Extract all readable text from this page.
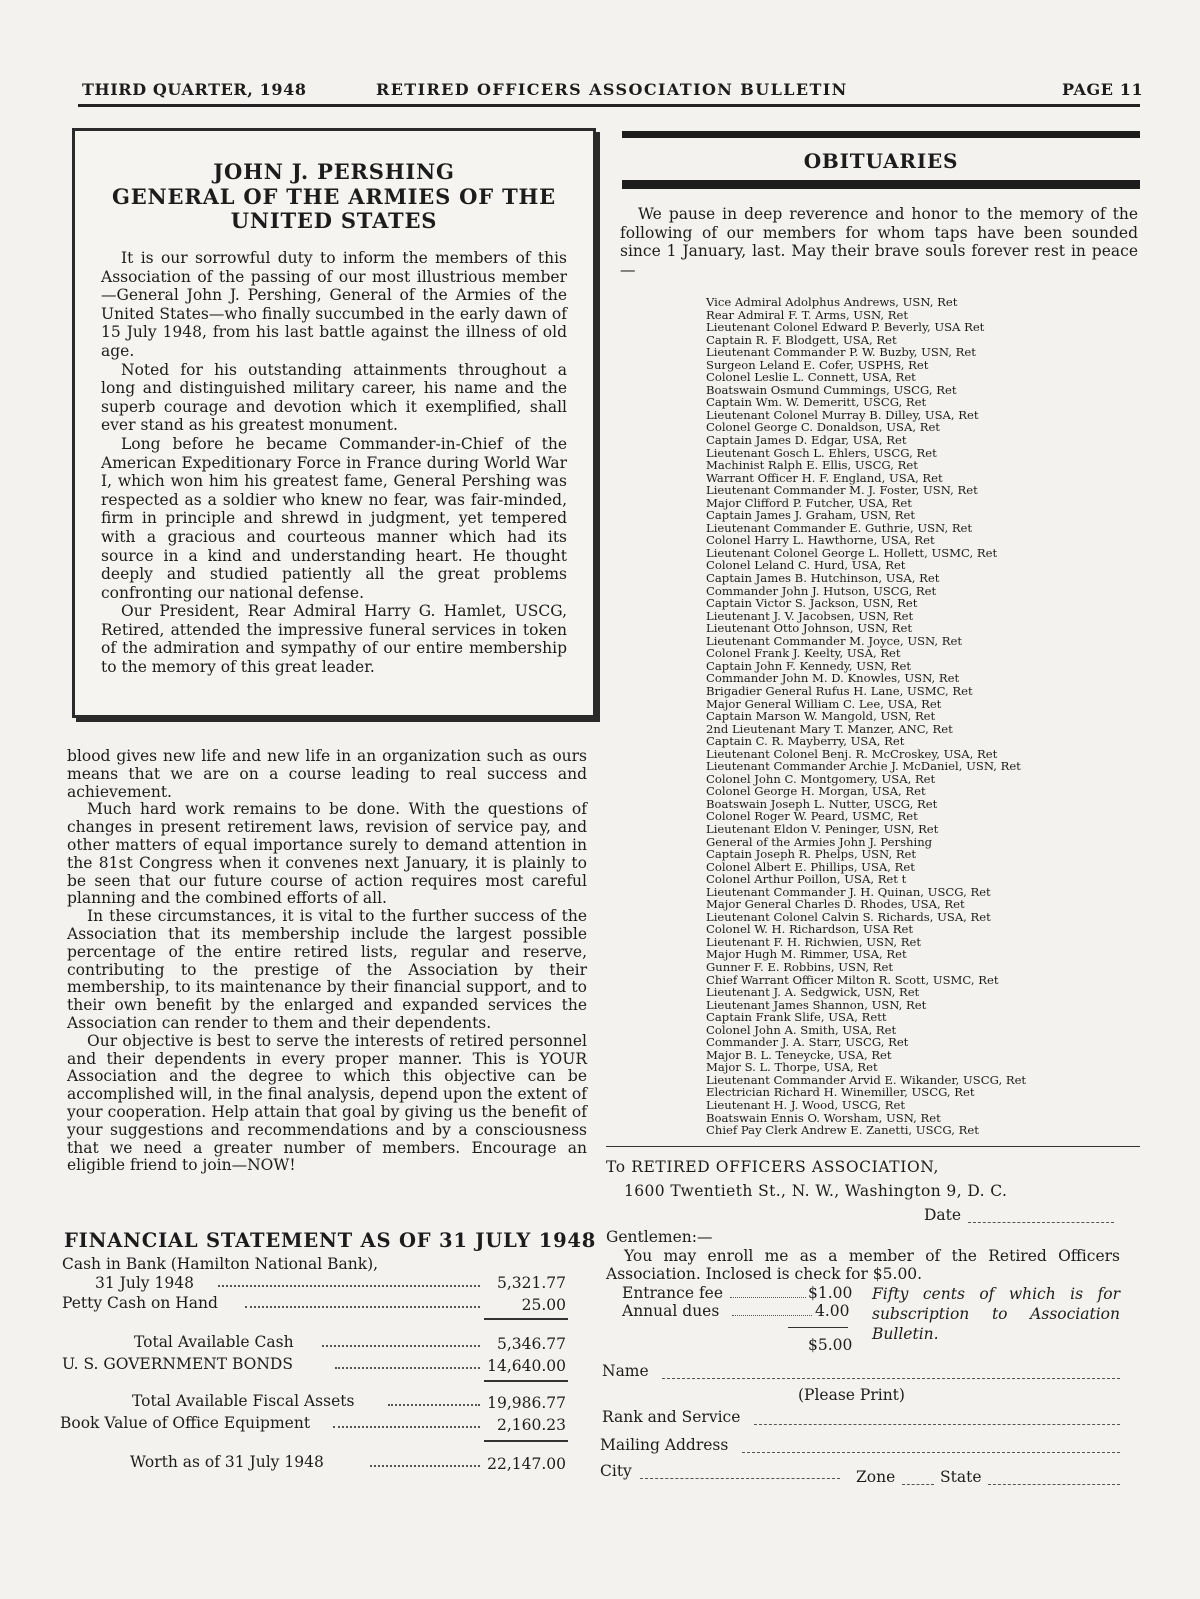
THIRD QUARTER, 1948	RETIRED OFFICERS ASSOCIATION BULLETIN	PAGE 11
JOHN J. PERSHING
GENERAL OF THE ARMIES OF THE
UNITED STATES

It is our sorrowful duty to inform the members of this Association of the passing of our most illustrious member—General John J. Pershing, General of the Armies of the United States—who finally succumbed in the early dawn of 15 July 1948, from his last battle against the illness of old age.

Noted for his outstanding attainments throughout a long and distinguished military career, his name and the superb courage and devotion which it exemplified, shall ever stand as his greatest monument.

Long before he became Commander-in-Chief of the American Expeditionary Force in France during World War I, which won him his greatest fame, General Pershing was respected as a soldier who knew no fear, was fair-minded, firm in principle and shrewd in judgment, yet tempered with a gracious and courteous manner which had its source in a kind and understanding heart. He thought deeply and studied patiently all the great problems confronting our national defense.

Our President, Rear Admiral Harry G. Hamlet, USCG, Retired, attended the impressive funeral services in token of the admiration and sympathy of our entire membership to the memory of this great leader.

blood gives new life and new life in an organization such as ours means that we are on a course leading to real success and achievement.

Much hard work remains to be done. With the questions of changes in present retirement laws, revision of service pay, and other matters of equal importance surely to demand attention in the 81st Congress when it convenes next January, it is plainly to be seen that our future course of action requires most careful planning and the combined efforts of all.

In these circumstances, it is vital to the further success of the Association that its membership include the largest possible percentage of the entire retired lists, regular and reserve, contributing to the prestige of the Association by their membership, to its maintenance by their financial support, and to their own benefit by the enlarged and expanded services the Association can render to them and their dependents.

Our objective is best to serve the interests of retired personnel and their dependents in every proper manner. This is YOUR Association and the degree to which this objective can be accomplished will, in the final analysis, depend upon the extent of your cooperation. Help attain that goal by giving us the benefit of your suggestions and recommendations and by a consciousness that we need a greater number of members. Encourage an eligible friend to join—NOW!

FINANCIAL STATEMENT AS OF 31 JULY 1948
Cash in Bank (Hamilton National Bank),
31 July 1948	5,321.77
Petty Cash on Hand	25.00
Total Available Cash	5,346.77
U. S. GOVERNMENT BONDS	14,640.00
Total Available Fiscal Assets	19,986.77
Book Value of Office Equipment	2,160.23
Worth as of 31 July 1948	22,147.00
OBITUARIES

We pause in deep reverence and honor to the memory of the following of our members for whom taps have been sounded since 1 January, last. May their brave souls forever rest in peace—

Vice Admiral Adolphus Andrews, USN, Ret
Rear Admiral F. T. Arms, USN, Ret
Lieutenant Colonel Edward P. Beverly, USA Ret
Captain R. F. Blodgett, USA, Ret
Lieutenant Commander P. W. Buzby, USN, Ret
Surgeon Leland E. Cofer, USPHS, Ret
Colonel Leslie L. Connett, USA, Ret
Boatswain Osmund Cummings, USCG, Ret
Captain Wm. W. Demeritt, USCG, Ret
Lieutenant Colonel Murray B. Dilley, USA, Ret
Colonel George C. Donaldson, USA, Ret
Captain James D. Edgar, USA, Ret
Lieutenant Gosch L. Ehlers, USCG, Ret
Machinist Ralph E. Ellis, USCG, Ret
Warrant Officer H. F. England, USA, Ret
Lieutenant Commander M. J. Foster, USN, Ret
Major Clifford P. Futcher, USA, Ret
Captain James J. Graham, USN, Ret
Lieutenant Commander E. Guthrie, USN, Ret
Colonel Harry L. Hawthorne, USA, Ret
Lieutenant Colonel George L. Hollett, USMC, Ret
Colonel Leland C. Hurd, USA, Ret
Captain James B. Hutchinson, USA, Ret
Commander John J. Hutson, USCG, Ret
Captain Victor S. Jackson, USN, Ret
Lieutenant J. V. Jacobsen, USN, Ret
Lieutenant Otto Johnson, USN, Ret
Lieutenant Commander M. Joyce, USN, Ret
Colonel Frank J. Keelty, USA, Ret
Captain John F. Kennedy, USN, Ret
Commander John M. D. Knowles, USN, Ret
Brigadier General Rufus H. Lane, USMC, Ret
Major General William C. Lee, USA, Ret
Captain Marson W. Mangold, USN, Ret
2nd Lieutenant Mary T. Manzer, ANC, Ret
Captain C. R. Mayberry, USA, Ret
Lieutenant Colonel Benj. R. McCroskey, USA, Ret
Lieutenant Commander Archie J. McDaniel, USN, Ret
Colonel John C. Montgomery, USA, Ret
Colonel George H. Morgan, USA, Ret
Boatswain Joseph L. Nutter, USCG, Ret
Colonel Roger W. Peard, USMC, Ret
Lieutenant Eldon V. Peninger, USN, Ret
General of the Armies John J. Pershing
Captain Joseph R. Phelps, USN, Ret
Colonel Albert E. Phillips, USA, Ret
Colonel Arthur Poillon, USA, Ret t
Lieutenant Commander J. H. Quinan, USCG, Ret
Major General Charles D. Rhodes, USA, Ret
Lieutenant Colonel Calvin S. Richards, USA, Ret
Colonel W. H. Richardson, USA Ret
Lieutenant F. H. Richwien, USN, Ret
Major Hugh M. Rimmer, USA, Ret
Gunner F. E. Robbins, USN, Ret
Chief Warrant Officer Milton R. Scott, USMC, Ret
Lieutenant J. A. Sedgwick, USN, Ret
Lieutenant James Shannon, USN, Ret
Captain Frank Slife, USA, Rett
Colonel John A. Smith, USA, Ret
Commander J. A. Starr, USCG, Ret
Major B. L. Teneycke, USA, Ret
Major S. L. Thorpe, USA, Ret
Lieutenant Commander Arvid E. Wikander, USCG, Ret
Electrician Richard H. Winemiller, USCG, Ret
Lieutenant H. J. Wood, USCG, Ret
Boatswain Ennis O. Worsham, USN, Ret
Chief Pay Clerk Andrew E. Zanetti, USCG, Ret
To RETIRED OFFICERS ASSOCIATION,
1600 Twentieth St., N. W., Washington 9, D. C.
Date
Gentlemen:—
You may enroll me as a member of the Retired Officers Association. Inclosed is check for $5.00.
Entrance fee	$1.00
Annual dues	4.00
$5.00
Fifty cents of which is for subscription to Association Bulletin.
Name
(Please Print)
Rank and Service
Mailing Address
City	Zone	State
